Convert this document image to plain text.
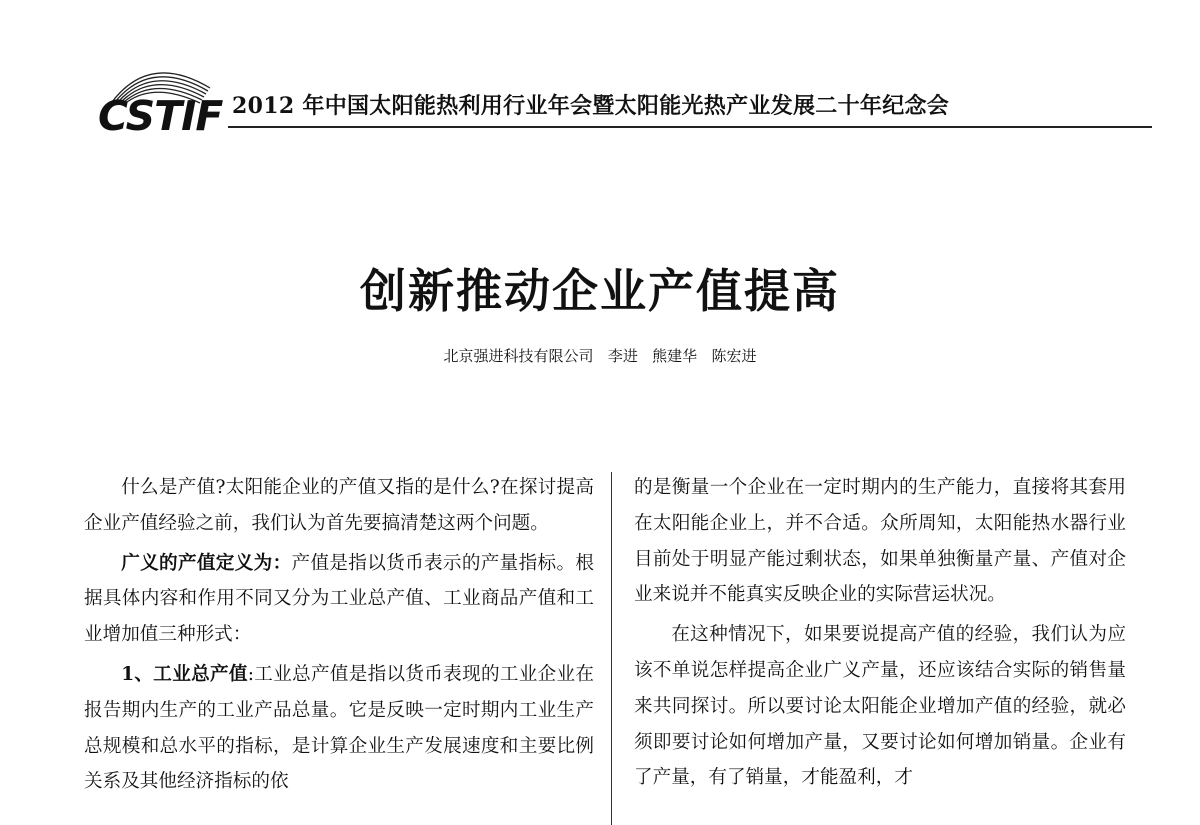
CSTIF 2012 年中国太阳能热利用行业年会暨太阳能光热产业发展二十年纪念会
创新推动企业产值提高
北京强进科技有限公司   李进   熊建华   陈宏进

什么是产值?太阳能企业的产值又指的是什么?在探讨提高企业产值经验之前，我们认为首先要搞清楚这两个问题。

广义的产值定义为：产值是指以货币表示的产量指标。根据具体内容和作用不同又分为工业总产值、工业商品产值和工业增加值三种形式：

1、工业总产值:工业总产值是指以货币表现的工业企业在报告期内生产的工业产品总量。它是反映一定时期内工业生产总规模和总水平的指标，是计算企业生产发展速度和主要比例关系及其他经济指标的依

的是衡量一个企业在一定时期内的生产能力，直接将其套用在太阳能企业上，并不合适。众所周知，太阳能热水器行业目前处于明显产能过剩状态，如果单独衡量产量、产值对企业来说并不能真实反映企业的实际营运状况。

在这种情况下，如果要说提高产值的经验，我们认为应该不单说怎样提高企业广义产量，还应该结合实际的销售量来共同探讨。所以要讨论太阳能企业增加产值的经验，就必须即要讨论如何增加产量，又要讨论如何增加销量。企业有了产量，有了销量，才能盈利，才
